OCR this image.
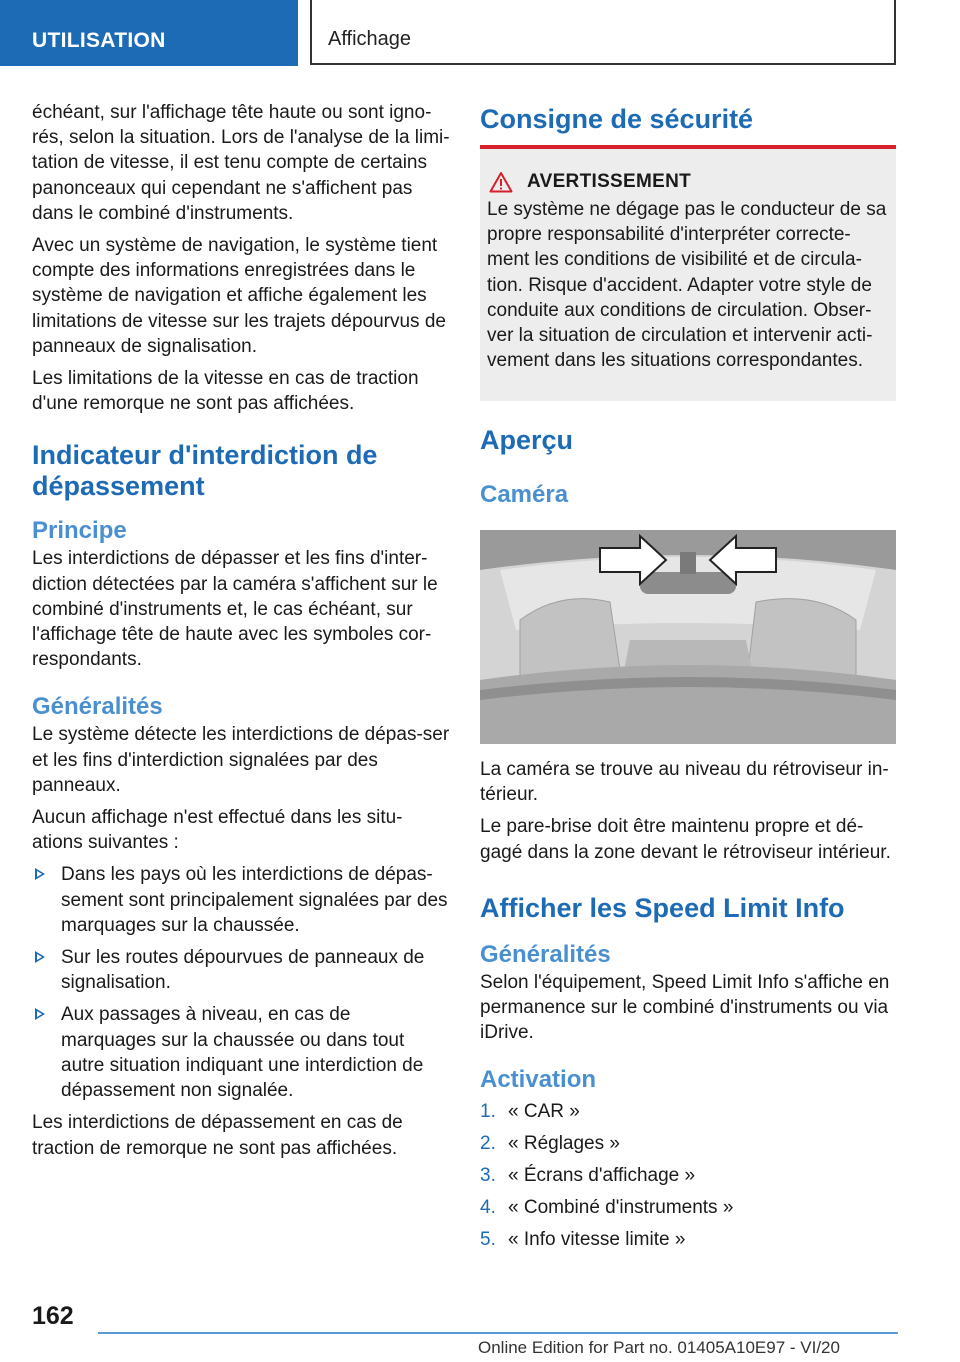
UTILISATION	Affichage

échéant, sur l'affichage tête haute ou sont igno-rés, selon la situation. Lors de l'analyse de la limi-tation de vitesse, il est tenu compte de certains panonceaux qui cependant ne s'affichent pas dans le combiné d'instruments.

Avec un système de navigation, le système tient compte des informations enregistrées dans le système de navigation et affiche également les limitations de vitesse sur les trajets dépourvus de panneaux de signalisation.

Les limitations de la vitesse en cas de traction d'une remorque ne sont pas affichées.

Indicateur d'interdiction de dépassement
Principe

Les interdictions de dépasser et les fins d'inter-diction détectées par la caméra s'affichent sur le combiné d'instruments et, le cas échéant, sur l'affichage tête de haute avec les symboles cor-respondants.

Généralités

Le système détecte les interdictions de dépas-ser et les fins d'interdiction signalées par des panneaux.

Aucun affichage n'est effectué dans les situ-ations suivantes :

Dans les pays où les interdictions de dépas-sement sont principalement signalées par des marquages sur la chaussée.
Sur les routes dépourvues de panneaux de signalisation.
Aux passages à niveau, en cas de marquages sur la chaussée ou dans tout autre situation indiquant une interdiction de dépassement non signalée.

Les interdictions de dépassement en cas de traction de remorque ne sont pas affichées.

Consigne de sécurité
AVERTISSEMENT
Le système ne dégage pas le conducteur de sa propre responsabilité d'interpréter correcte-ment les conditions de visibilité et de circula-tion. Risque d'accident. Adapter votre style de conduite aux conditions de circulation. Obser-ver la situation de circulation et intervenir acti-vement dans les situations correspondantes.
Aperçu
Caméra

La caméra se trouve au niveau du rétroviseur in-térieur.

Le pare-brise doit être maintenu propre et dé-gagé dans la zone devant le rétroviseur intérieur.

Afficher les Speed Limit Info
Généralités

Selon l'équipement, Speed Limit Info s'affiche en permanence sur le combiné d'instruments ou via iDrive.

Activation
1. « CAR »
2. « Réglages »
3. « Écrans d'affichage »
4. « Combiné d'instruments »
5. « Info vitesse limite »
162
Online Edition for Part no. 01405A10E97 - VI/20
